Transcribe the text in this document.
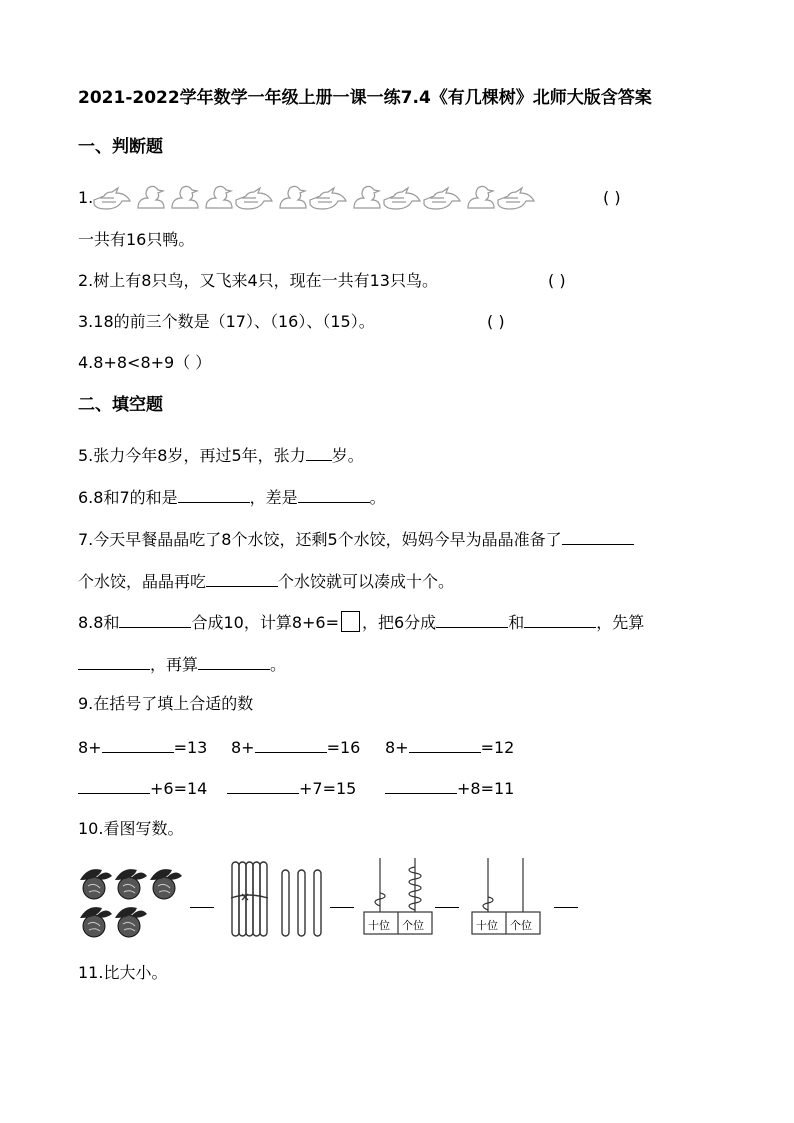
2021-2022学年数学一年级上册一课一练7.4《有几棵树》北师大版含答案
一、判断题
1.	( )
一共有16只鸭。
2.树上有8只鸟，又飞来4只，现在一共有13只鸟。	( )
3.18的前三个数是（17）、（16）、（15）。	( )
4.8+8<8+9（ ）
二、填空题
5.张力今年8岁，再过5年，张力 岁。
6.8和7的和是	，差是	。
7.今天早餐晶晶吃了8个水饺，还剩5个水饺，妈妈今早为晶晶准备了
个水饺，晶晶再吃	个水饺就可以凑成十个。
8.8和	合成10，计算8+6= ，把6分成	和	，先算
，再算	。
9.在括号了填上合适的数
8+	=13 8+	=16 8+	=12
+6=14	+7=15	+8=11
10.看图写数。
十位 个位	十位 个位
11.比大小。
